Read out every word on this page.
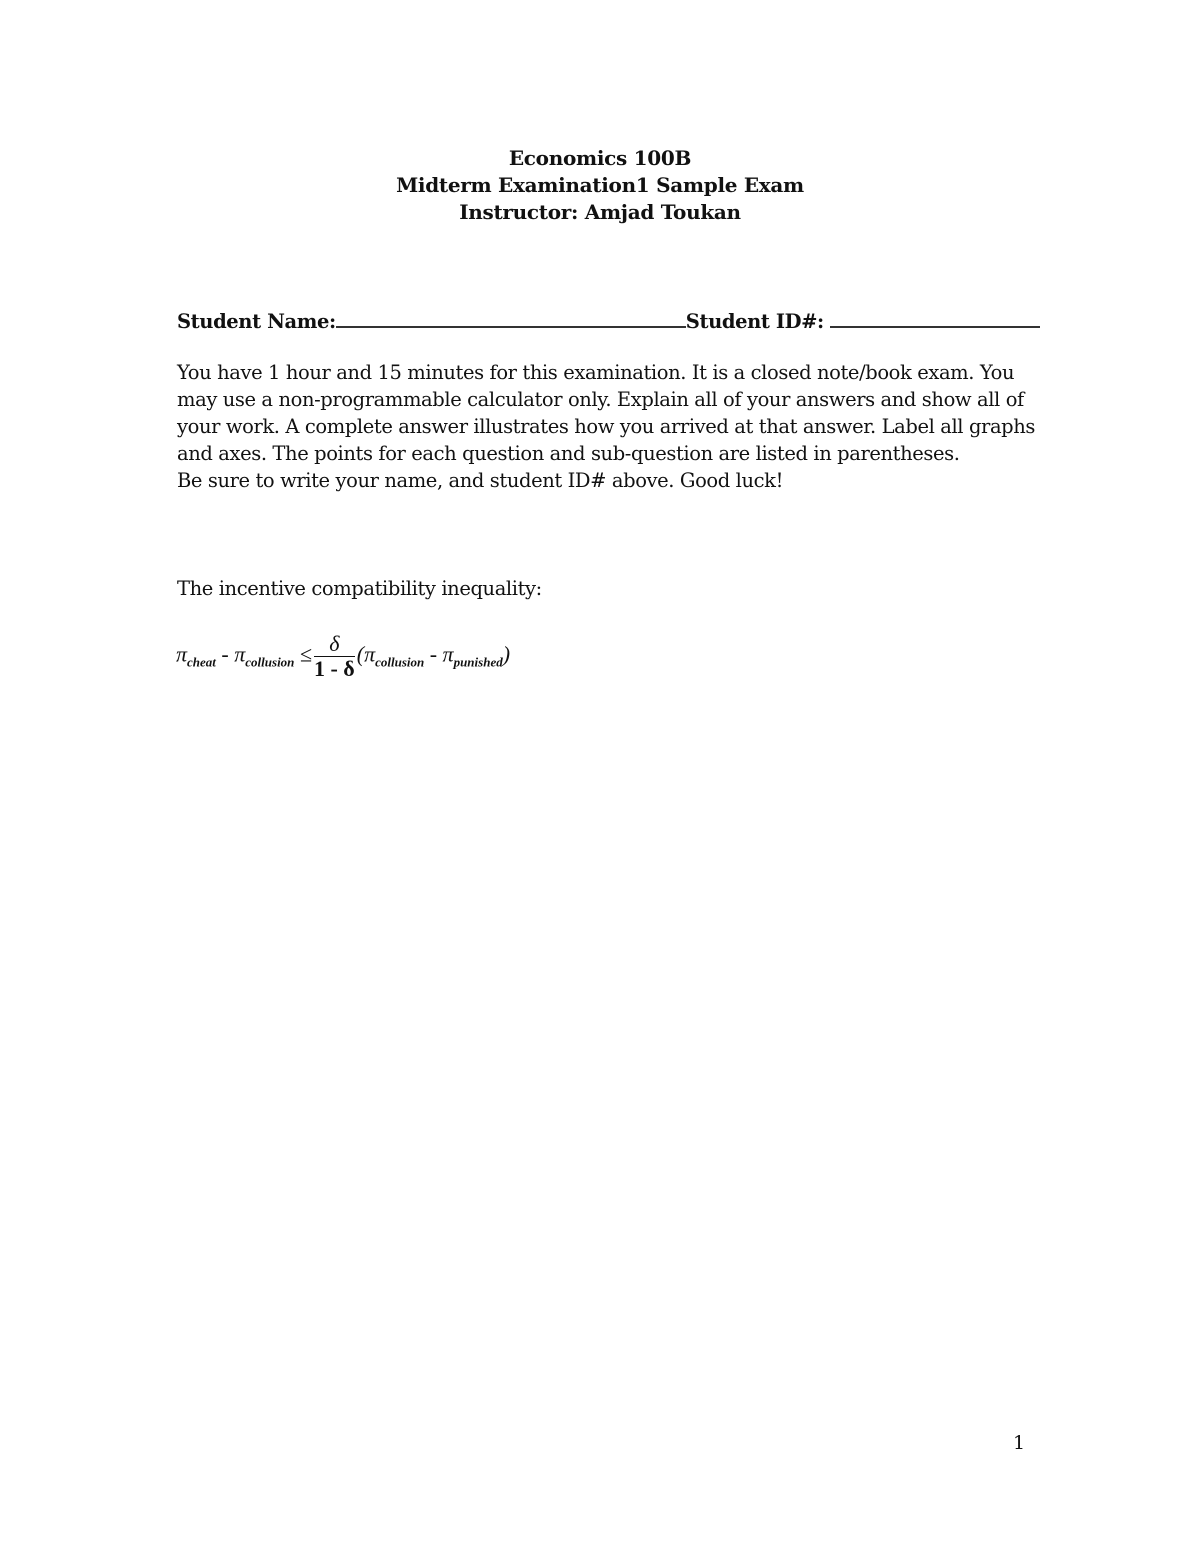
Economics 100B
Midterm Examination1 Sample Exam
Instructor: Amjad Toukan
Student Name:	Student ID#:
You have 1 hour and 15 minutes for this examination. It is a closed note/book exam. You
may use a non-programmable calculator only. Explain all of your answers and show all of
your work. A complete answer illustrates how you arrived at that answer. Label all graphs
and axes. The points for each question and sub-question are listed in parentheses.
Be sure to write your name, and student ID# above. Good luck!
The incentive compatibility inequality:
$\pi_{cheat} - \pi_{collusion} \le \frac{\delta}{1 - \delta} (\pi_{collusion} - \pi_{punished})$
1
